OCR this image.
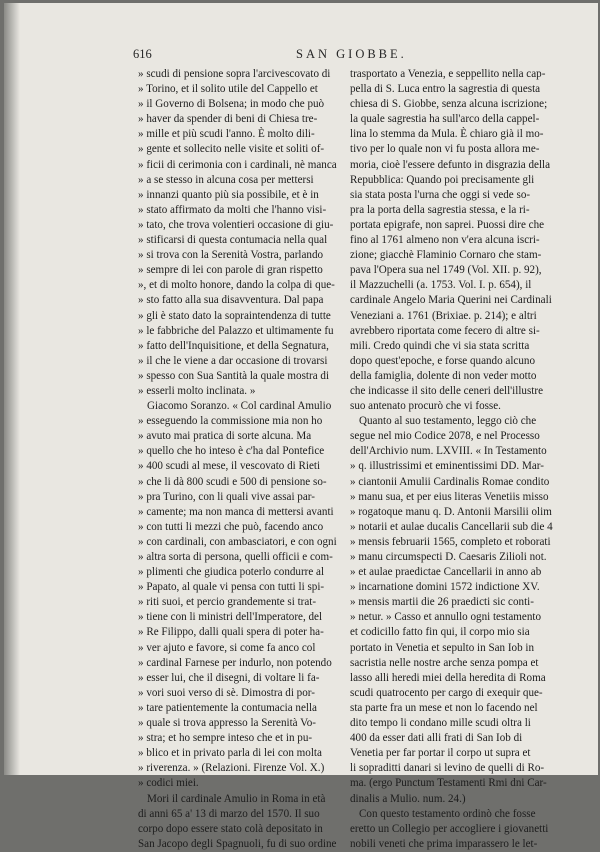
616	SAN GIOBBE.
» scudi di pensione sopra l'arcivescovato di
» Torino, et il solito utile del Cappello et
» il Governo di Bolsena; in modo che può
» haver da spender di beni di Chiesa tre-
» mille et più scudi l'anno. È molto dili-
» gente et sollecito nelle visite et soliti of-
» ficii di cerimonia con i cardinali, nè manca
» a se stesso in alcuna cosa per mettersi
» innanzi quanto più sia possibile, et è in
» stato affirmato da molti che l'hanno visi-
» tato, che trova volentieri occasione di giu-
» stificarsi di questa contumacia nella qual
» si trova con la Serenità Vostra, parlando
» sempre di lei con parole di gran rispetto
», et di molto honore, dando la colpa di que-
» sto fatto alla sua disavventura. Dal papa
» gli è stato dato la sopraintendenza di tutte
» le fabbriche del Palazzo et ultimamente fu
» fatto dell'Inquisitione, et della Segnatura,
» il che le viene a dar occasione di trovarsi
» spesso con Sua Santità la quale mostra di
» esserli molto inclinata. »
Giacomo Soranzo. « Col cardinal Amulio
» esseguendo la commissione mia non ho
» avuto mai pratica di sorte alcuna. Ma
» quello che ho inteso è c'ha dal Pontefice
» 400 scudi al mese, il vescovato di Rieti
» che li dà 800 scudi e 500 di pensione so-
» pra Turino, con li quali vive assai par-
» camente; ma non manca di mettersi avanti
» con tutti li mezzi che può, facendo anco
» con cardinali, con ambasciatori, e con ogni
» altra sorta di persona, quelli officii e com-
» plimenti che giudica poterlo condurre al
» Papato, al quale vi pensa con tutti li spi-
» riti suoi, et percio grandemente si trat-
» tiene con li ministri dell'Imperatore, del
» Re Filippo, dalli quali spera di poter ha-
» ver ajuto e favore, si come fa anco col
» cardinal Farnese per indurlo, non potendo
» esser lui, che il disegni, di voltare li fa-
» vori suoi verso di sè. Dimostra di por-
» tare patientemente la contumacia nella
» quale si trova appresso la Serenità Vo-
» stra; et ho sempre inteso che et in pu-
» blico et in privato parla di lei con molta
» riverenza. » (Relazioni. Firenze Vol. X.)
» codici miei.
Mori il cardinale Amulio in Roma in età
di anni 65 a' 13 di marzo del 1570. Il suo
corpo dopo essere stato colà depositato in
San Jacopo degli Spagnuoli, fu di suo ordine
trasportato a Venezia, e seppellito nella cap-
pella di S. Luca entro la sagrestia di questa
chiesa di S. Giobbe, senza alcuna iscrizione;
la quale sagrestia ha sull'arco della cappel-
lina lo stemma da Mula. È chiaro già il mo-
tivo per lo quale non vi fu posta allora me-
moria, cioè l'essere defunto in disgrazia della
Repubblica: Quando poi precisamente gli
sia stata posta l'urna che oggi si vede so-
pra la porta della sagrestia stessa, e la ri-
portata epigrafe, non saprei. Puossi dire che
fino al 1761 almeno non v'era alcuna iscri-
zione; giacchè Flaminio Cornaro che stam-
pava l'Opera sua nel 1749 (Vol. XII. p. 92),
il Mazzuchelli (a. 1753. Vol. I. p. 654), il
cardinale Angelo Maria Querini nei Cardinali
Veneziani a. 1761 (Brixiae. p. 214); e altri
avrebbero riportata come fecero di altre si-
mili. Credo quindi che vi sia stata scritta
dopo quest'epoche, e forse quando alcuno
della famiglia, dolente di non veder motto
che indicasse il sito delle ceneri dell'illustre
suo antenato procurò che vi fosse.
Quanto al suo testamento, leggo ciò che
segue nel mio Codice 2078, e nel Processo
dell'Archivio num. LXVIII. « In Testamento
» q. illustrissimi et eminentissimi DD. Mar-
» ciantonii Amulii Cardinalis Romae condito
» manu sua, et per eius literas Venetiis misso
» rogatoque manu q. D. Antonii Marsilii olim
» notarii et aulae ducalis Cancellarii sub die 4
» mensis februarii 1565, completo et roborati
» manu circumspecti D. Caesaris Zilioli not.
» et aulae praedictae Cancellarii in anno ab
» incarnatione domini 1572 indictione XV.
» mensis martii die 26 praedicti sic conti-
» netur. » Casso et annullo ogni testamento
et codicillo fatto fin qui, il corpo mio sia
portato in Venetia et sepulto in San Iob in
sacristia nelle nostre arche senza pompa et
lasso alli heredi miei della heredita di Roma
scudi quatrocento per cargo di exequir que-
sta parte fra un mese et non lo facendo nel
dito tempo li condano mille scudi oltra li
400 da esser dati alli frati di San Iob di
Venetia per far portar il corpo ut supra et
li sopraditti danari si levino de quelli di Ro-
ma. (ergo Punctum Testamenti Rmi dni Car-
dinalis a Mulio. num. 24.)
Con questo testamento ordinò che fosse
eretto un Collegio per accogliere i giovanetti
nobili veneti che prima imparassero le let-
